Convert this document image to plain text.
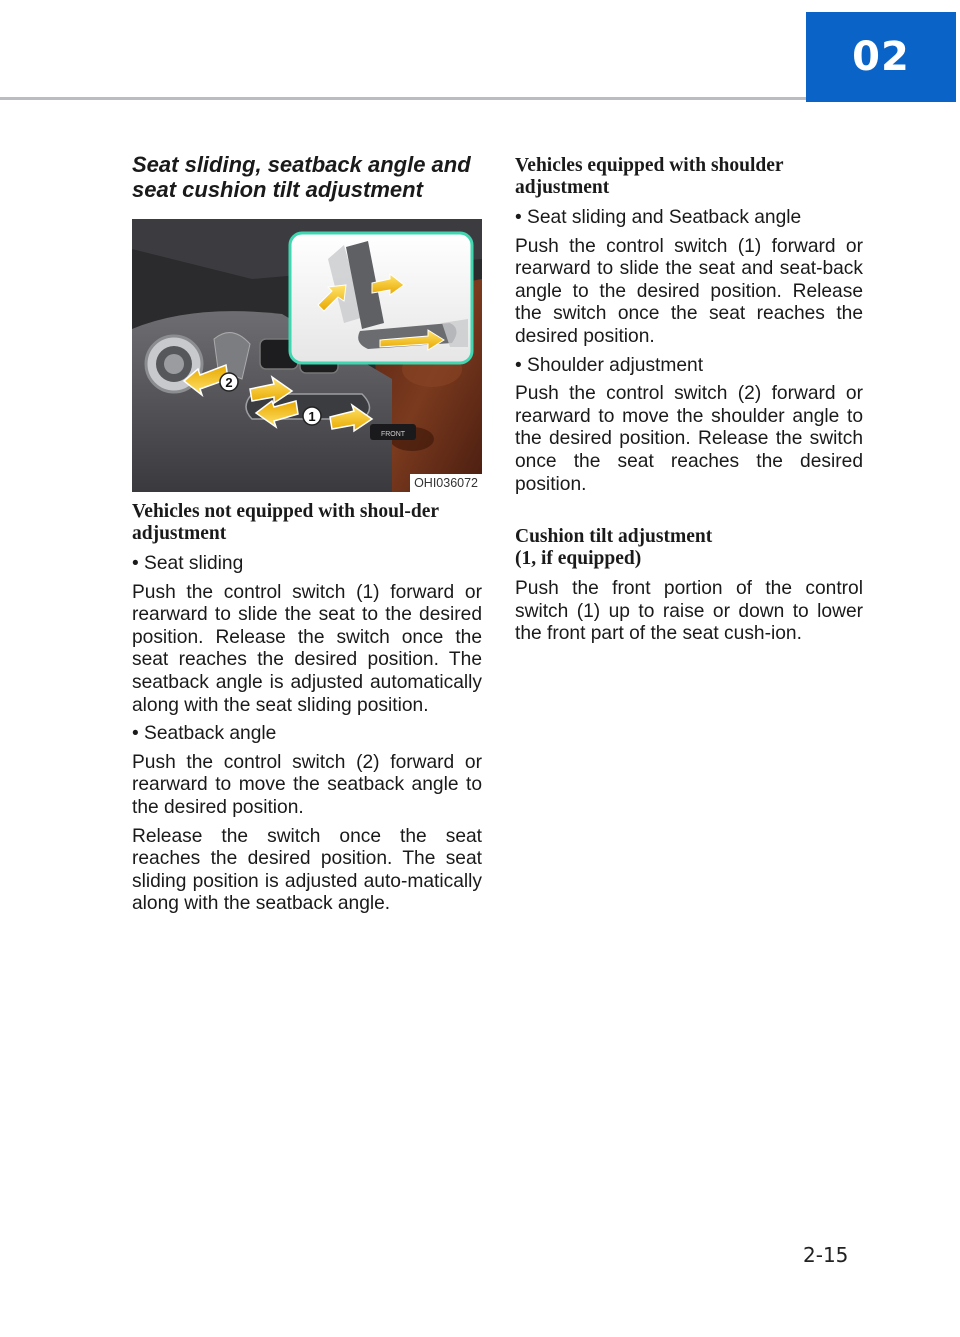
02
Seat sliding, seatback angle and seat cushion tilt adjustment
FRONT
2
1
OHI036072

Vehicles not equipped with shoul-der adjustment

• Seat sliding

Push the control switch (1) forward or rearward to slide the seat to the desired position. Release the switch once the seat reaches the desired position. The seatback angle is adjusted automatically along with the seat sliding position.

• Seatback angle

Push the control switch (2) forward or rearward to move the seatback angle to the desired position.

Release the switch once the seat reaches the desired position. The seat sliding position is adjusted auto-matically along with the seatback angle.

Vehicles equipped with shoulder adjustment

• Seat sliding and Seatback angle

Push the control switch (1) forward or rearward to slide the seat and seat-back angle to the desired position. Release the switch once the seat reaches the desired position.

• Shoulder adjustment

Push the control switch (2) forward or rearward to move the shoulder angle to the desired position. Release the switch once the seat reaches the desired position.

Cushion tilt adjustment
(1, if equipped)

Push the front portion of the control switch (1) up to raise or down to lower the front part of the seat cush-ion.

2-15
